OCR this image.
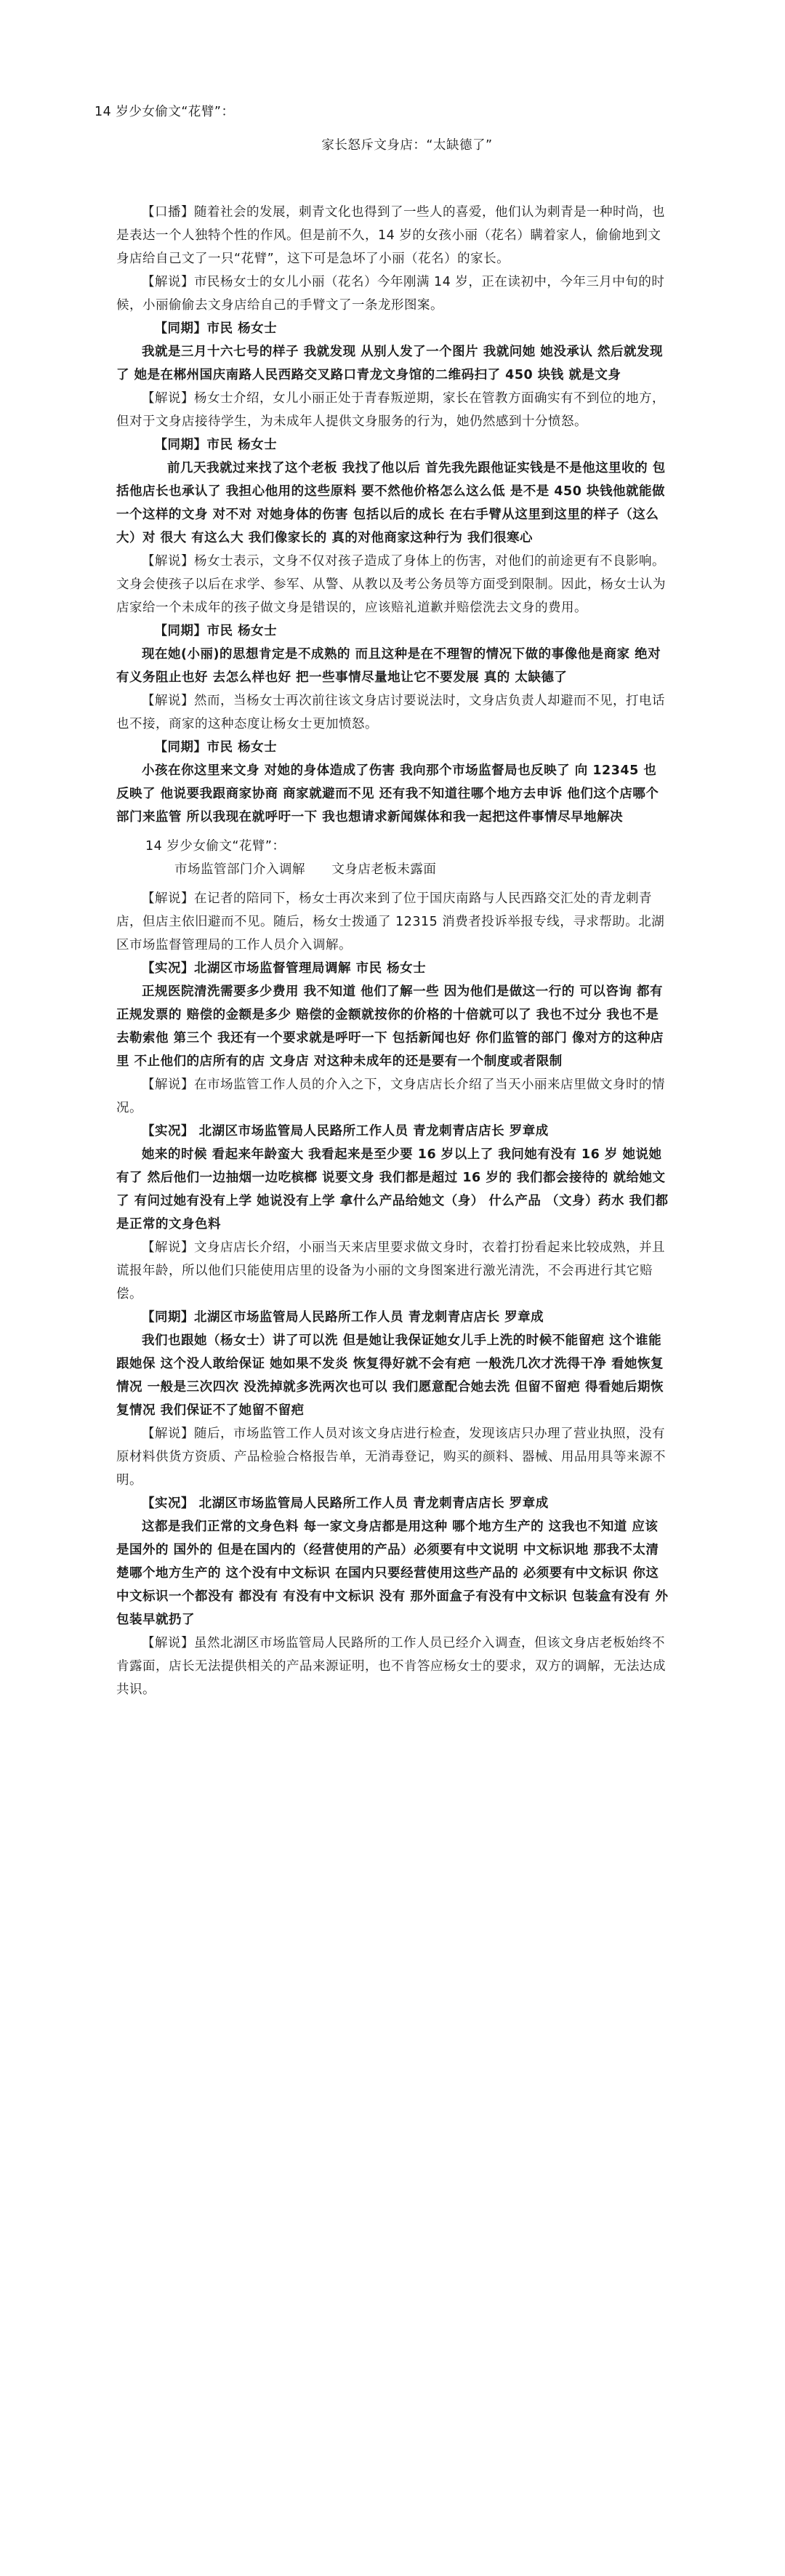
14 岁少女偷文“花臂”：

家长怒斥文身店：“太缺德了”

【口播】随着社会的发展，刺青文化也得到了一些人的喜爱，他们认为刺青是一种时尚，也是表达一个人独特个性的作风。但是前不久，14 岁的女孩小丽（花名）瞒着家人，偷偷地到文身店给自己文了一只“花臂”，这下可是急坏了小丽（花名）的家长。

【解说】市民杨女士的女儿小丽（花名）今年刚满 14 岁，正在读初中，今年三月中旬的时候，小丽偷偷去文身店给自己的手臂文了一条龙形图案。

【同期】市民 杨女士

我就是三月十六七号的样子 我就发现 从别人发了一个图片 我就问她 她没承认 然后就发现了 她是在郴州国庆南路人民西路交叉路口青龙文身馆的二维码扫了 450 块钱 就是文身

【解说】杨女士介绍，女儿小丽正处于青春叛逆期，家长在管教方面确实有不到位的地方，但对于文身店接待学生，为未成年人提供文身服务的行为，她仍然感到十分愤怒。

【同期】市民 杨女士

前几天我就过来找了这个老板 我找了他以后 首先我先跟他证实钱是不是他这里收的 包括他店长也承认了 我担心他用的这些原料 要不然他价格怎么这么低 是不是 450 块钱他就能做一个这样的文身 对不对 对她身体的伤害 包括以后的成长 在右手臂从这里到这里的样子（这么大）对 很大 有这么大 我们像家长的 真的对他商家这种行为 我们很寒心

【解说】杨女士表示，文身不仅对孩子造成了身体上的伤害，对他们的前途更有不良影响。文身会使孩子以后在求学、参军、从警、从教以及考公务员等方面受到限制。因此，杨女士认为店家给一个未成年的孩子做文身是错误的，应该赔礼道歉并赔偿洗去文身的费用。

【同期】市民 杨女士

现在她(小丽)的思想肯定是不成熟的 而且这种是在不理智的情况下做的事像他是商家 绝对有义务阻止也好 去怎么样也好 把一些事情尽量地让它不要发展 真的 太缺德了

【解说】然而，当杨女士再次前往该文身店讨要说法时，文身店负责人却避而不见，打电话也不接，商家的这种态度让杨女士更加愤怒。

【同期】市民 杨女士

小孩在你这里来文身 对她的身体造成了伤害 我向那个市场监督局也反映了 向 12345 也反映了 他说要我跟商家协商 商家就避而不见 还有我不知道往哪个地方去申诉 他们这个店哪个部门来监管 所以我现在就呼吁一下 我也想请求新闻媒体和我一起把这件事情尽早地解决

14 岁少女偷文“花臂”：

市场监管部门介入调解      文身店老板未露面

【解说】在记者的陪同下，杨女士再次来到了位于国庆南路与人民西路交汇处的青龙刺青店，但店主依旧避而不见。随后，杨女士拨通了 12315 消费者投诉举报专线，寻求帮助。北湖区市场监督管理局的工作人员介入调解。

【实况】北湖区市场监督管理局调解 市民 杨女士

正规医院清洗需要多少费用 我不知道 他们了解一些 因为他们是做这一行的 可以咨询 都有正规发票的 赔偿的金额是多少 赔偿的金额就按你的价格的十倍就可以了 我也不过分 我也不是去勒索他 第三个 我还有一个要求就是呼吁一下 包括新闻也好 你们监管的部门 像对方的这种店里 不止他们的店所有的店 文身店 对这种未成年的还是要有一个制度或者限制

【解说】在市场监管工作人员的介入之下，文身店店长介绍了当天小丽来店里做文身时的情况。

【实况】 北湖区市场监管局人民路所工作人员 青龙刺青店店长 罗章成

她来的时候 看起来年龄蛮大 我看起来是至少要 16 岁以上了 我问她有没有 16 岁 她说她有了 然后他们一边抽烟一边吃槟榔 说要文身 我们都是超过 16 岁的 我们都会接待的 就给她文了 有问过她有没有上学 她说没有上学 拿什么产品给她文（身） 什么产品 （文身）药水 我们都是正常的文身色料

【解说】文身店店长介绍，小丽当天来店里要求做文身时，衣着打扮看起来比较成熟，并且谎报年龄，所以他们只能使用店里的设备为小丽的文身图案进行激光清洗，不会再进行其它赔偿。

【同期】北湖区市场监管局人民路所工作人员 青龙刺青店店长 罗章成

我们也跟她（杨女士）讲了可以洗 但是她让我保证她女儿手上洗的时候不能留疤 这个谁能跟她保 这个没人敢给保证 她如果不发炎 恢复得好就不会有疤 一般洗几次才洗得干净 看她恢复情况 一般是三次四次 没洗掉就多洗两次也可以 我们愿意配合她去洗 但留不留疤 得看她后期恢复情况 我们保证不了她留不留疤

【解说】随后，市场监管工作人员对该文身店进行检查，发现该店只办理了营业执照，没有原材料供货方资质、产品检验合格报告单，无消毒登记，购买的颜料、器械、用品用具等来源不明。

【实况】 北湖区市场监管局人民路所工作人员 青龙刺青店店长 罗章成

这都是我们正常的文身色料 每一家文身店都是用这种 哪个地方生产的 这我也不知道 应该是国外的 国外的 但是在国内的（经营使用的产品）必须要有中文说明 中文标识地 那我不太清楚哪个地方生产的 这个没有中文标识 在国内只要经营使用这些产品的 必须要有中文标识 你这中文标识一个都没有 都没有 有没有中文标识 没有 那外面盒子有没有中文标识 包装盒有没有 外包装早就扔了

【解说】虽然北湖区市场监管局人民路所的工作人员已经介入调查，但该文身店老板始终不肯露面，店长无法提供相关的产品来源证明，也不肯答应杨女士的要求，双方的调解，无法达成共识。
